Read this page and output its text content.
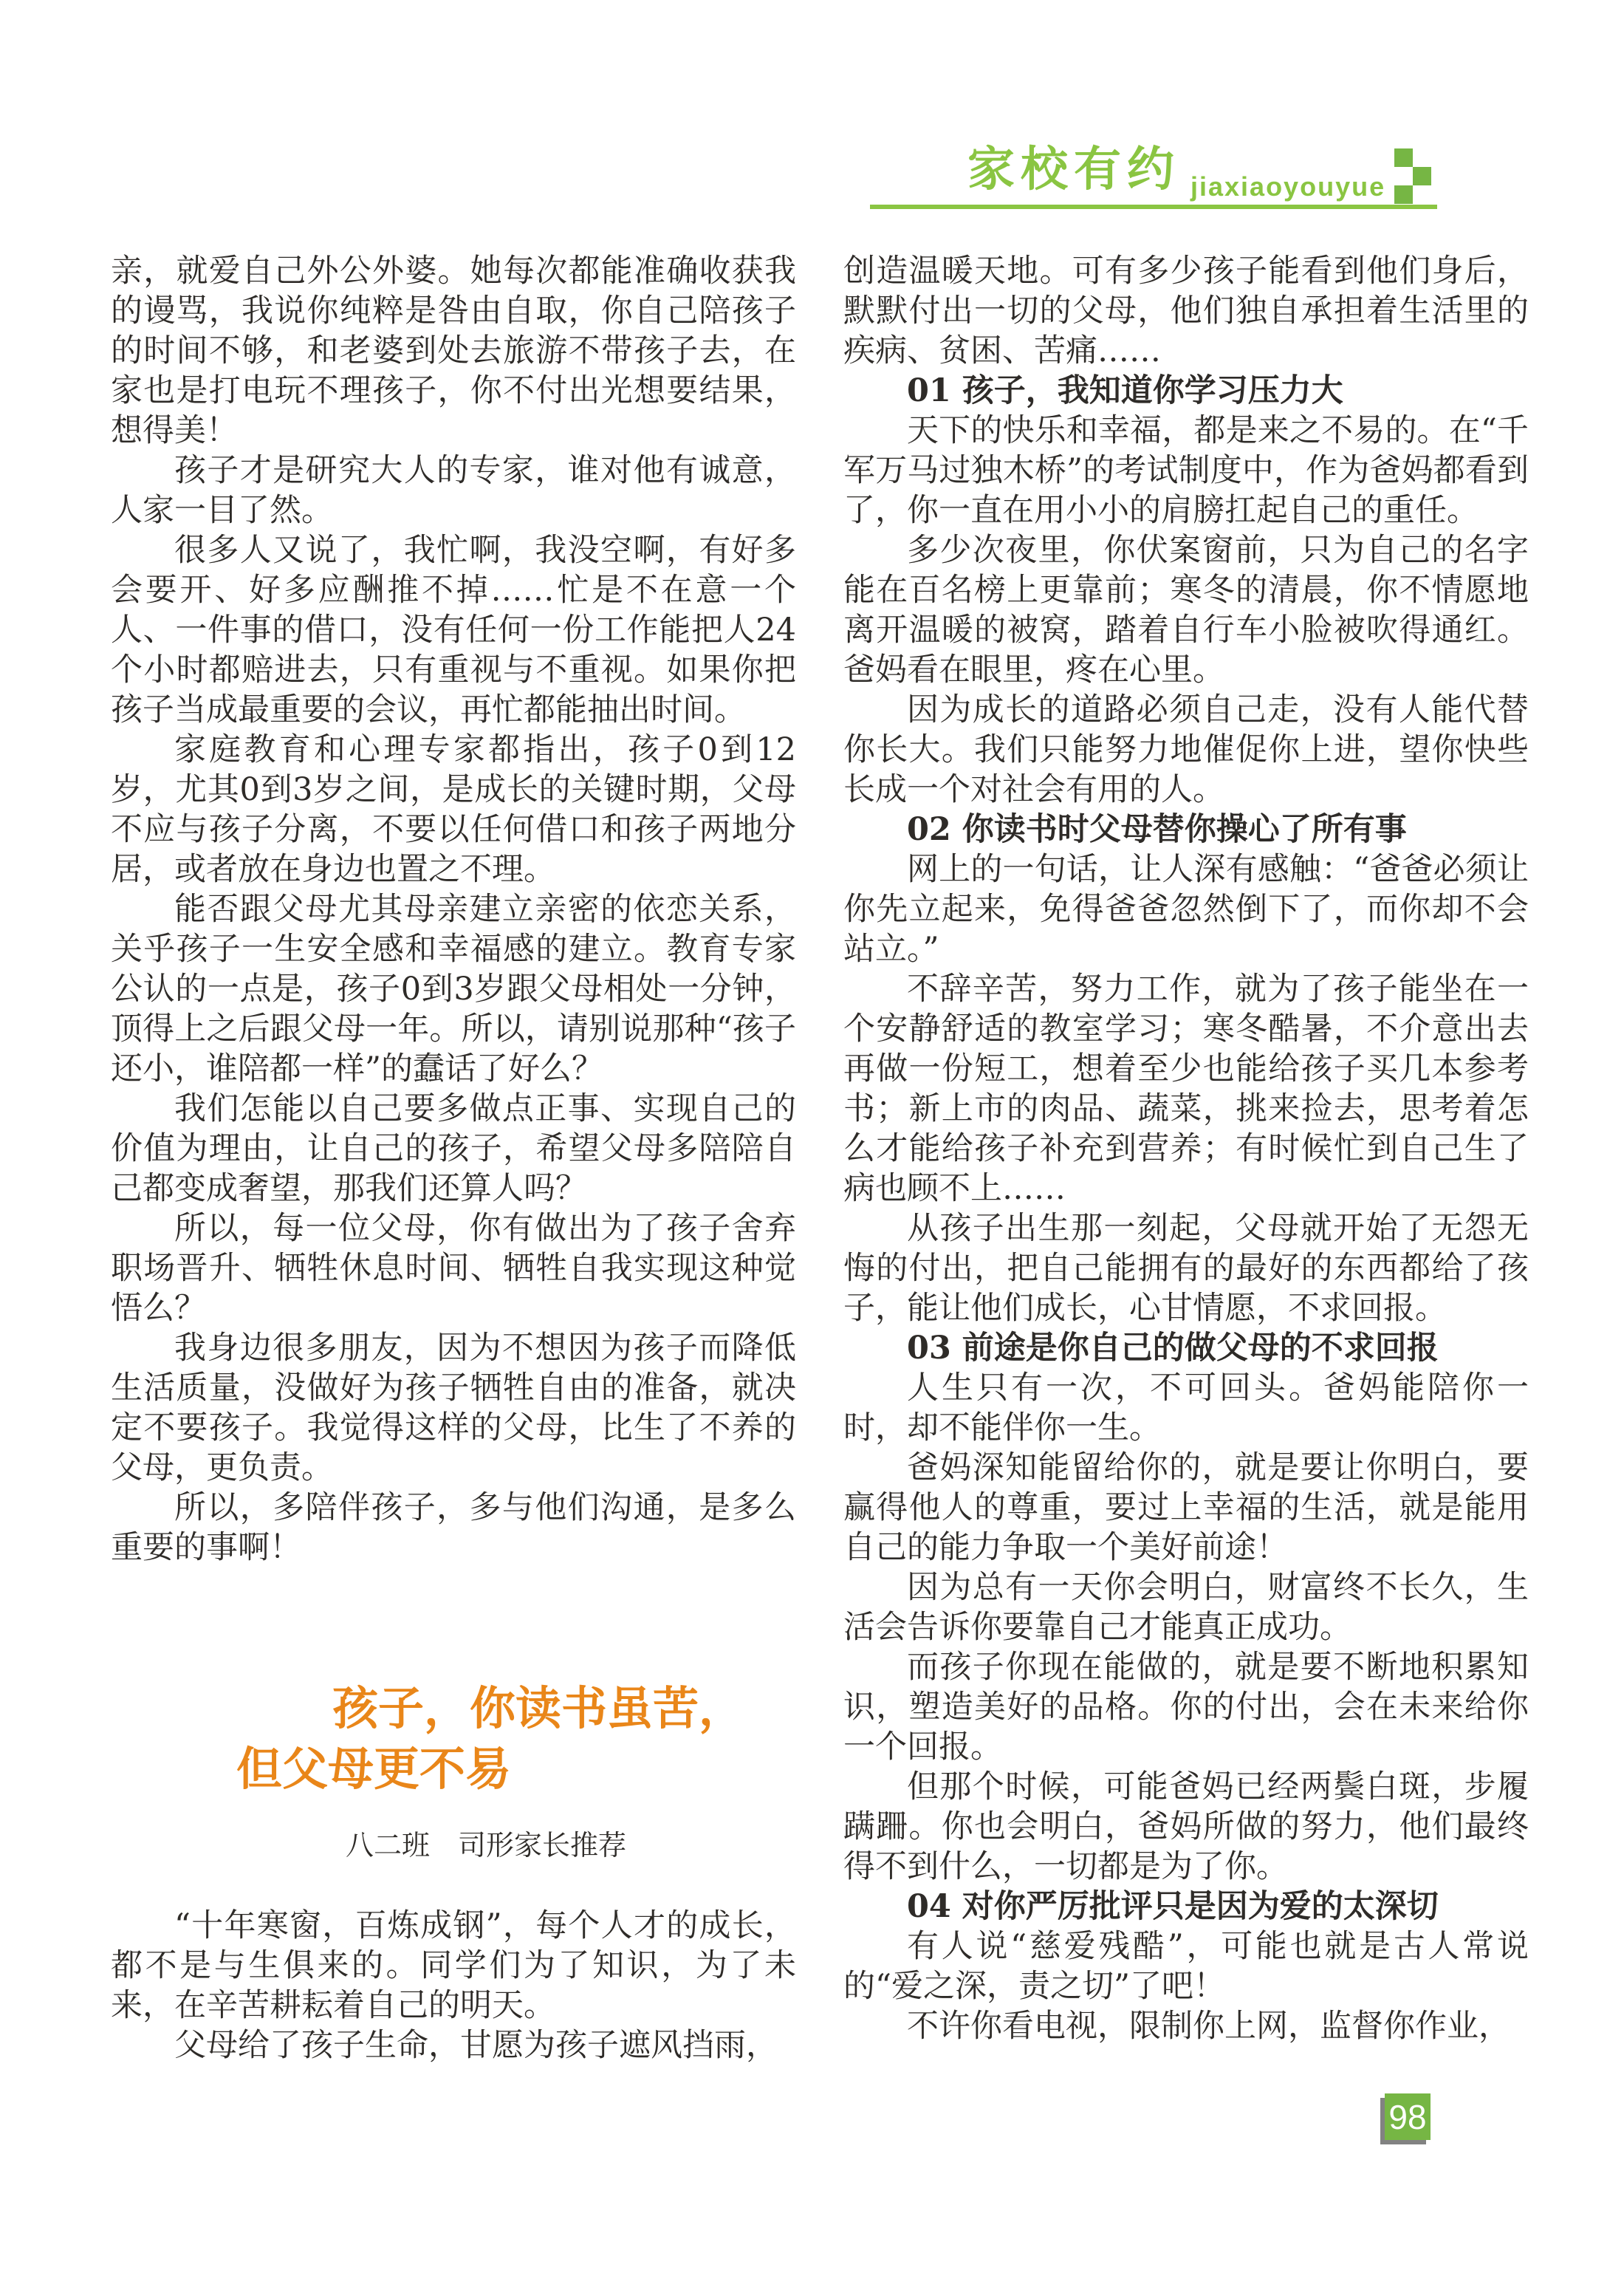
家校有约 jiaxiaoyouyue

亲，就爱自己外公外婆。她每次都能准确收获我的谩骂，我说你纯粹是咎由自取，你自己陪孩子的时间不够，和老婆到处去旅游不带孩子去，在家也是打电玩不理孩子，你不付出光想要结果，想得美！

孩子才是研究大人的专家，谁对他有诚意，人家一目了然。

很多人又说了，我忙啊，我没空啊，有好多会要开、好多应酬推不掉……忙是不在意一个人、一件事的借口，没有任何一份工作能把人24个小时都赔进去，只有重视与不重视。如果你把孩子当成最重要的会议，再忙都能抽出时间。

家庭教育和心理专家都指出，孩子0到12岁，尤其0到3岁之间，是成长的关键时期，父母不应与孩子分离，不要以任何借口和孩子两地分居，或者放在身边也置之不理。

能否跟父母尤其母亲建立亲密的依恋关系，关乎孩子一生安全感和幸福感的建立。教育专家公认的一点是，孩子0到3岁跟父母相处一分钟，顶得上之后跟父母一年。所以，请别说那种“孩子还小，谁陪都一样”的蠢话了好么？

我们怎能以自己要多做点正事、实现自己的价值为理由，让自己的孩子，希望父母多陪陪自己都变成奢望，那我们还算人吗？

所以，每一位父母，你有做出为了孩子舍弃职场晋升、牺牲休息时间、牺牲自我实现这种觉悟么？

我身边很多朋友，因为不想因为孩子而降低生活质量，没做好为孩子牺牲自由的准备，就决定不要孩子。我觉得这样的父母，比生了不养的父母，更负责。

所以，多陪伴孩子，多与他们沟通，是多么重要的事啊！

孩子，你读书虽苦，
但父母更不易
八二班　司形家长推荐

“十年寒窗，百炼成钢”，每个人才的成长，都不是与生俱来的。同学们为了知识，为了未来，在辛苦耕耘着自己的明天。

父母给了孩子生命，甘愿为孩子遮风挡雨，

创造温暖天地。可有多少孩子能看到他们身后，默默付出一切的父母，他们独自承担着生活里的疾病、贫困、苦痛……

01 孩子，我知道你学习压力大

天下的快乐和幸福，都是来之不易的。在“千军万马过独木桥”的考试制度中，作为爸妈都看到了，你一直在用小小的肩膀扛起自己的重任。

多少次夜里，你伏案窗前，只为自己的名字能在百名榜上更靠前；寒冬的清晨，你不情愿地离开温暖的被窝，踏着自行车小脸被吹得通红。爸妈看在眼里，疼在心里。

因为成长的道路必须自己走，没有人能代替你长大。我们只能努力地催促你上进，望你快些长成一个对社会有用的人。

02 你读书时父母替你操心了所有事

网上的一句话，让人深有感触：“爸爸必须让你先立起来，免得爸爸忽然倒下了，而你却不会站立。”

不辞辛苦，努力工作，就为了孩子能坐在一个安静舒适的教室学习；寒冬酷暑，不介意出去再做一份短工，想着至少也能给孩子买几本参考书；新上市的肉品、蔬菜，挑来捡去，思考着怎么才能给孩子补充到营养；有时候忙到自己生了病也顾不上……

从孩子出生那一刻起，父母就开始了无怨无悔的付出，把自己能拥有的最好的东西都给了孩子，能让他们成长，心甘情愿，不求回报。

03 前途是你自己的做父母的不求回报

人生只有一次，不可回头。爸妈能陪你一时，却不能伴你一生。

爸妈深知能留给你的，就是要让你明白，要赢得他人的尊重，要过上幸福的生活，就是能用自己的能力争取一个美好前途！

因为总有一天你会明白，财富终不长久，生活会告诉你要靠自己才能真正成功。

而孩子你现在能做的，就是要不断地积累知识，塑造美好的品格。你的付出，会在未来给你一个回报。

但那个时候，可能爸妈已经两鬓白斑，步履蹒跚。你也会明白，爸妈所做的努力，他们最终得不到什么，一切都是为了你。

04 对你严厉批评只是因为爱的太深切

有人说“慈爱残酷”，可能也就是古人常说的“爱之深，责之切”了吧！

不许你看电视，限制你上网，监督你作业，

98
